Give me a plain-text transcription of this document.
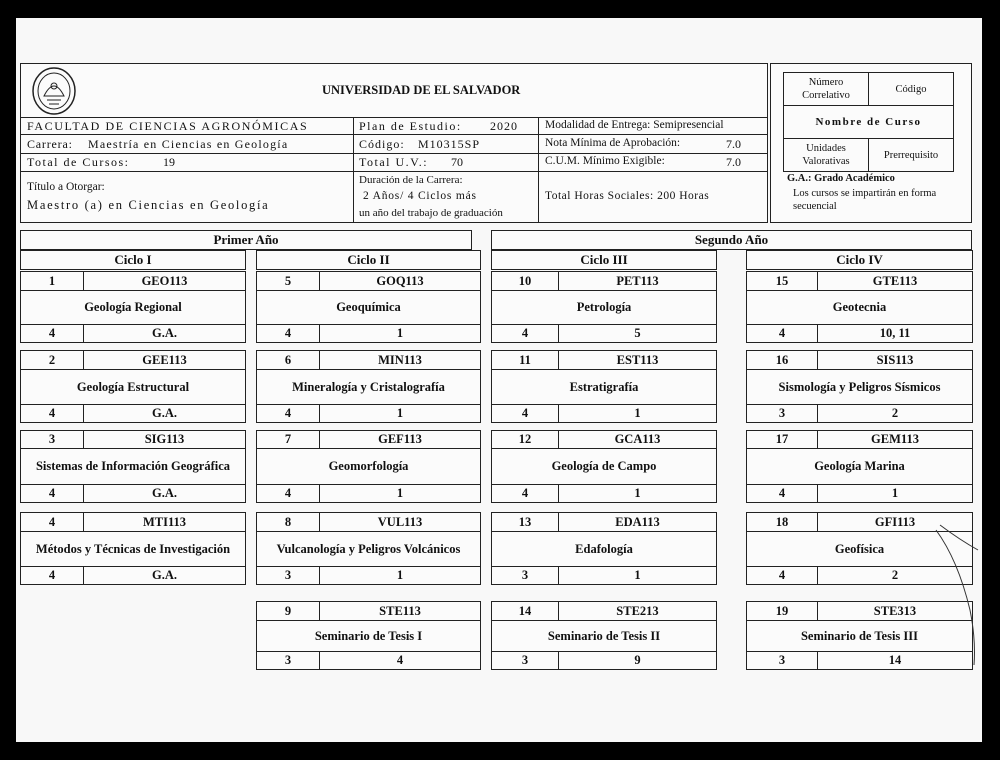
UNIVERSIDAD DE EL SALVADOR
FACULTAD DE CIENCIAS AGRONÓMICAS
Carrera: Maestría en Ciencias en Geología
Total de Cursos:	19
Título a Otorgar:
Maestro (a) en Ciencias en Geología
Plan de Estudio: 2020
Código: M10315SP
Total U.V.: 70
Duración de la Carrera:
2 Años/ 4 Ciclos más
un año del trabajo de graduación
Modalidad de Entrega: Semipresencial
Nota Mínima de Aprobación:	7.0
C.U.M. Mínimo Exigible:	7.0
Total Horas Sociales: 200 Horas
Número Correlativo
Código
Nombre de Curso
Unidades Valorativas
Prerrequisito
G.A.: Grado Académico
Los cursos se impartirán en forma secuencial
Primer Año	Segundo Año
Ciclo I	Ciclo II	Ciclo III	Ciclo IV
1	GEO113
Geología Regional
4	G.A.
2	GEE113
Geología Estructural
4	G.A.
3	SIG113
Sistemas de Información Geográfica
4	G.A.
4	MTI113
Métodos y Técnicas de Investigación
4	G.A.
5	GOQ113
Geoquímica
4	1
6	MIN113
Mineralogía y Cristalografía
4	1
7	GEF113
Geomorfología
4	1
8	VUL113
Vulcanología y Peligros Volcánicos
3	1
9	STE113
Seminario de Tesis I
3	4
10	PET113
Petrología
4	5
11	EST113
Estratigrafía
4	1
12	GCA113
Geología de Campo
4	1
13	EDA113
Edafología
3	1
14	STE213
Seminario de Tesis II
3	9
15	GTE113
Geotecnia
4	10, 11
16	SIS113
Sismología y Peligros Sísmicos
3	2
17	GEM113
Geología Marina
4	1
18	GFI113
Geofísica
4	2
19	STE313
Seminario de Tesis III
3	14
